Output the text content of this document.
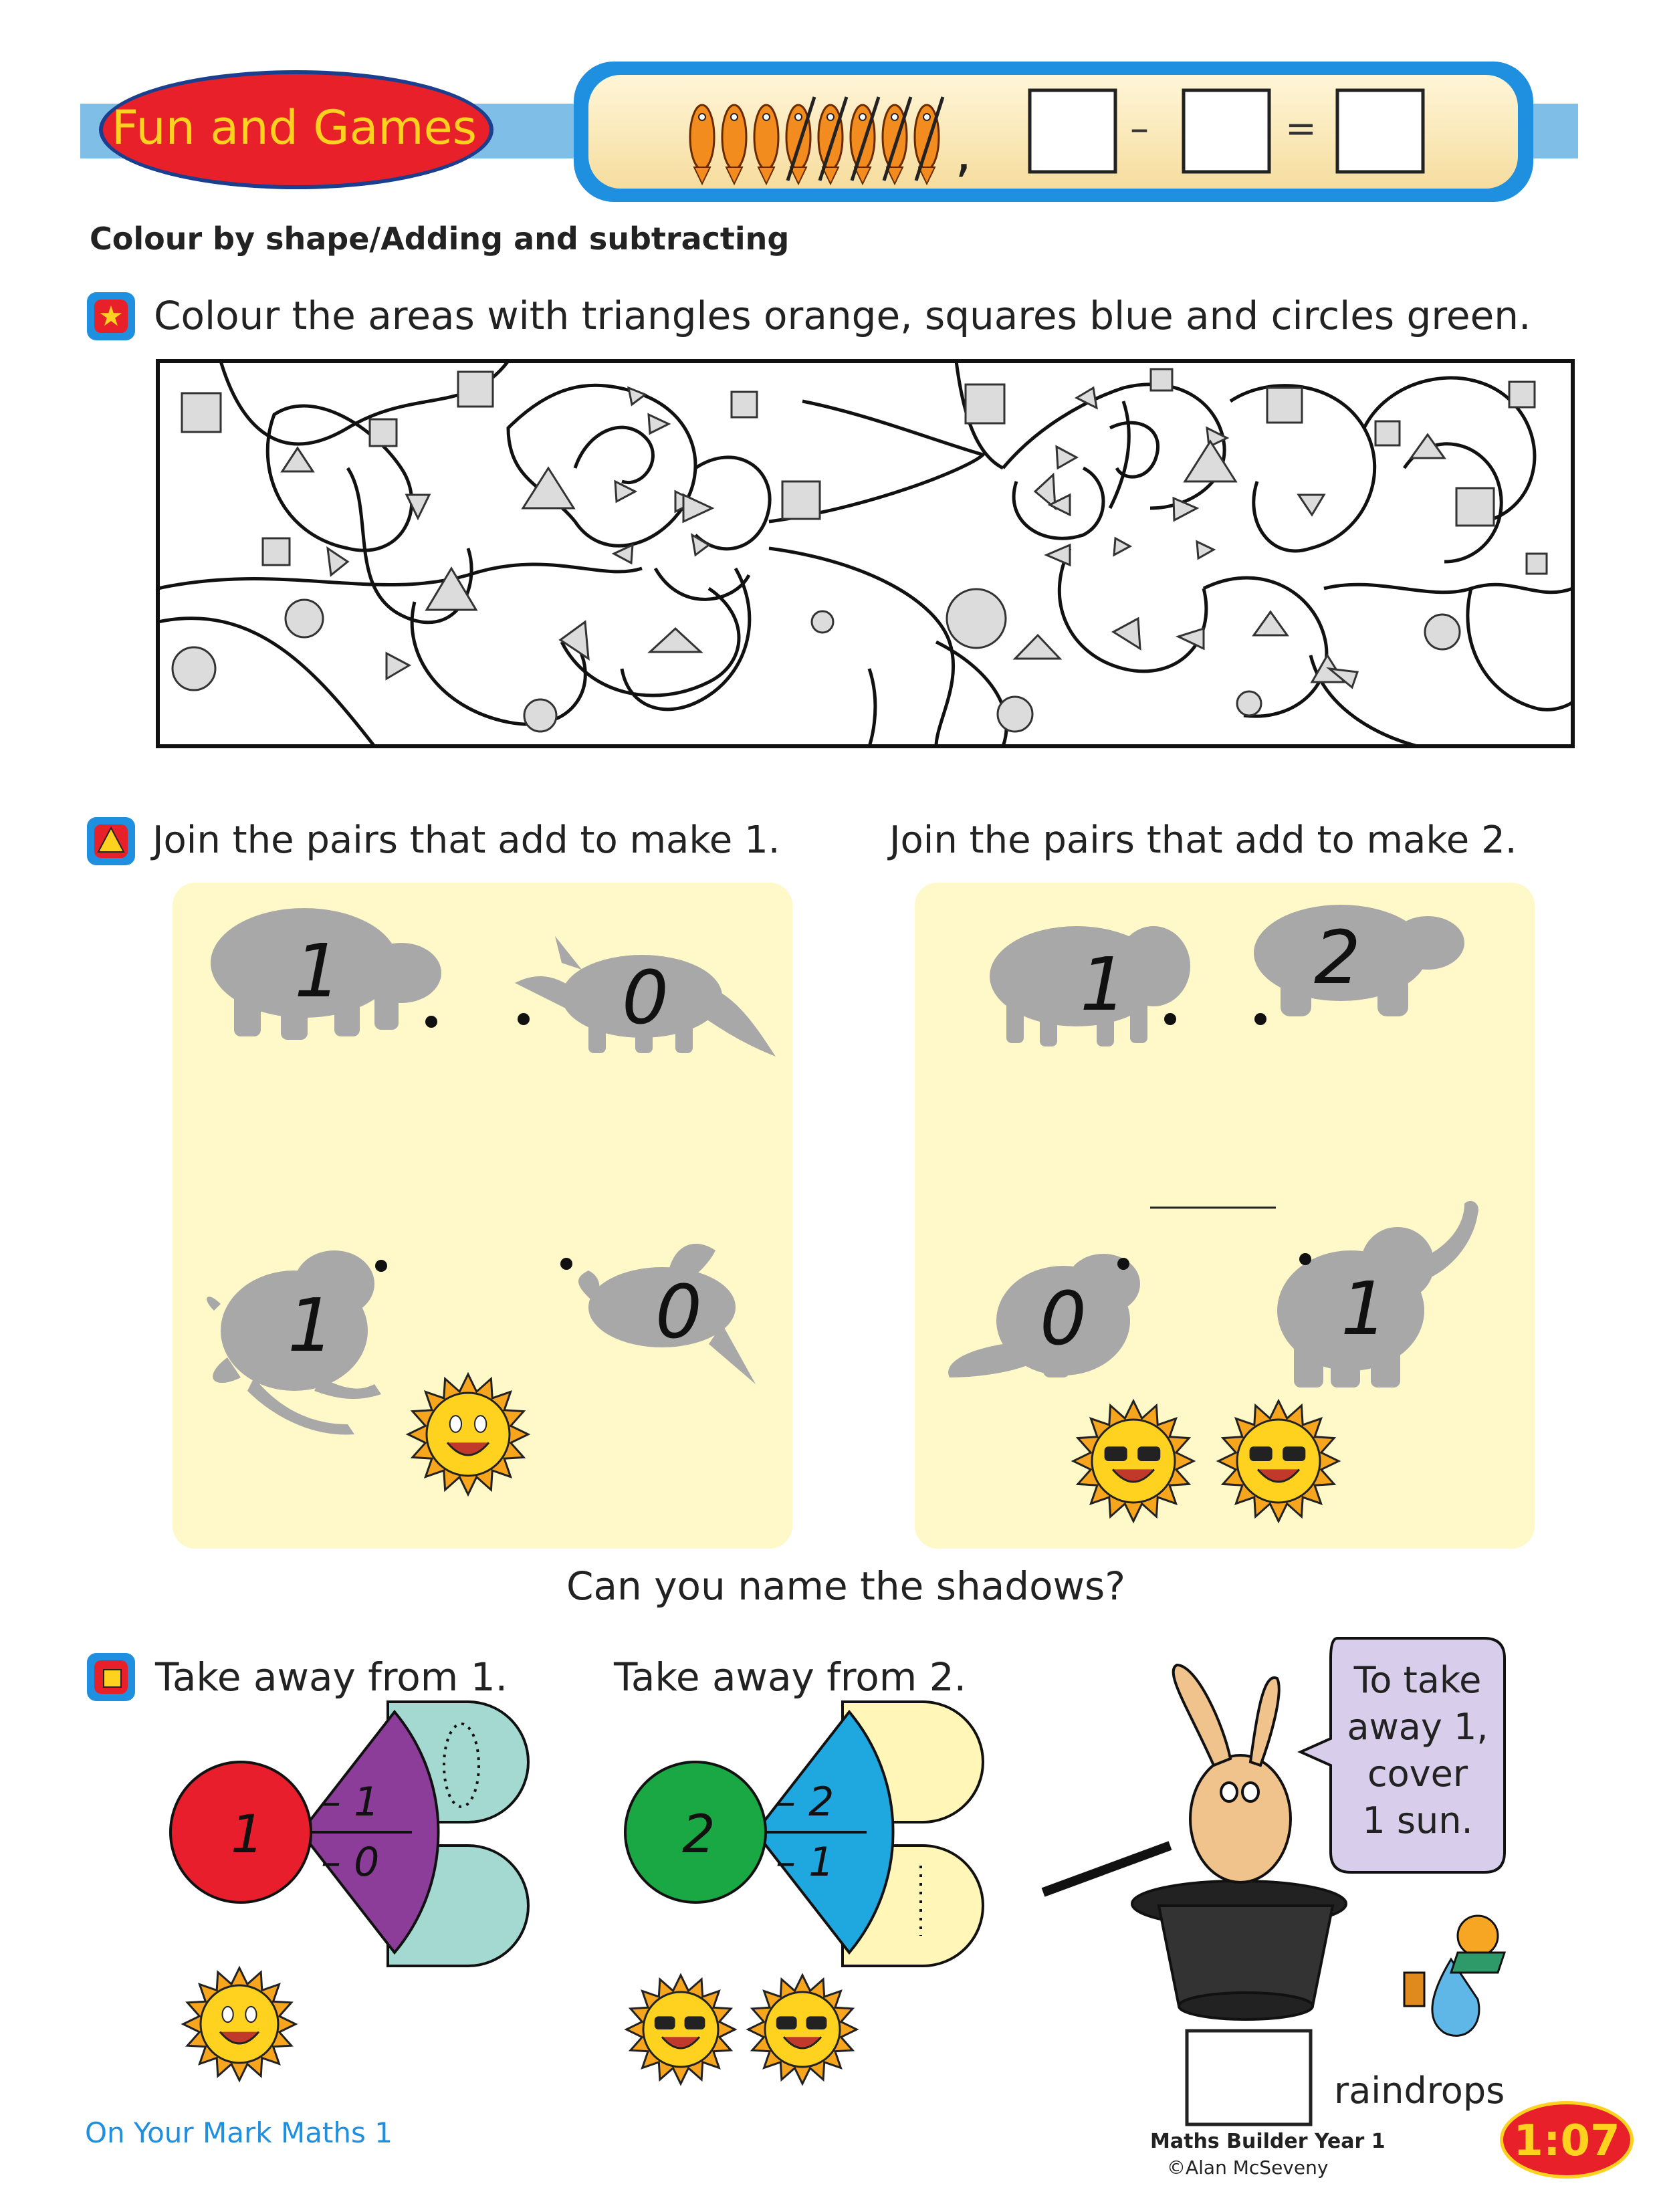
Fun and Games	,	–	=
Colour by shape/Adding and subtracting
★ Colour the areas with triangles orange, squares blue and circles green.
Join the pairs that add to make 1.	Join the pairs that add to make 2.
1	0
1	0
1	2
0	1
Can you name the shadows?
Take away from 1.	Take away from 2.
1
– 1
– 0	2
– 2
– 1
To take
away 1,
cover
1 sun.
raindrops
On Your Mark Maths 1	Maths Builder Year 1
©Alan McSeveny
1:07
